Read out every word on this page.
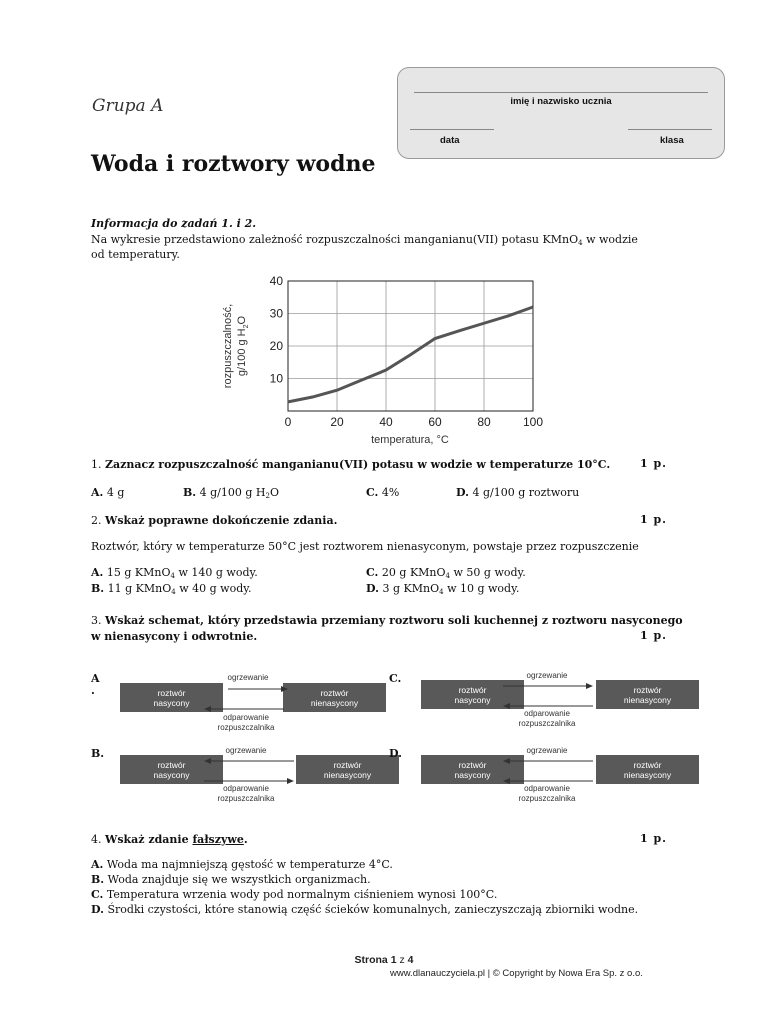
imię i nazwisko ucznia
data	klasa
Grupa A
Woda i roztwory wodne
Informacja do zadań 1. i 2.
Na wykresie przedstawiono zależność rozpuszczalności manganianu(VII) potasu KMnO$_4$ w wodzie
od temperatury.
0	20	40	60	80	100
10
20
30
40
temperatura, °C
rozpuszczalność, g/100 g $H_2O$
1. Zaznacz rozpuszczalność manganianu(VII) potasu w wodzie w temperaturze 10°C.	1 p.
A. 4 g	B. 4 g/100 g $H_2O$	C. 4%	D. 4 g/100 g roztworu
2. Wskaż poprawne dokończenie zdania.	1 p.
Roztwór, który w temperaturze 50°C jest roztworem nienasyconym, powstaje przez rozpuszczenie
A. 15 g KMnO$_4$ w 140 g wody.
B. 11 g KMnO$_4$ w 40 g wody.
C. 20 g KMnO$_4$ w 50 g wody.
D. 3 g KMnO$_4$ w 10 g wody.
3. Wskaż schemat, który przedstawia przemiany roztworu soli kuchennej z roztworu nasyconego
w nienasycony i odwrotnie.	1 p.
A
.	roztwór
nasycony
roztwór
nienasycony
ogrzewanie
odparowanie
rozpuszczalnika
C.
roztwór
nasycony
roztwór
nienasycony
ogrzewanie
odparowanie
rozpuszczalnika
B.
roztwór
nasycony
roztwór
nienasycony
ogrzewanie
odparowanie
rozpuszczalnika
D.
roztwór
nasycony
roztwór
nienasycony
ogrzewanie
odparowanie
rozpuszczalnika
4. Wskaż zdanie fałszywe.	1 p.
A. Woda ma najmniejszą gęstość w temperaturze 4°C.
B. Woda znajduje się we wszystkich organizmach.
C. Temperatura wrzenia wody pod normalnym ciśnieniem wynosi 100°C.
D. Środki czystości, które stanowią część ścieków komunalnych, zanieczyszczają zbiorniki wodne.
Strona 1 z 4
www.dlanauczyciela.pl | © Copyright by Nowa Era Sp. z o.o.
